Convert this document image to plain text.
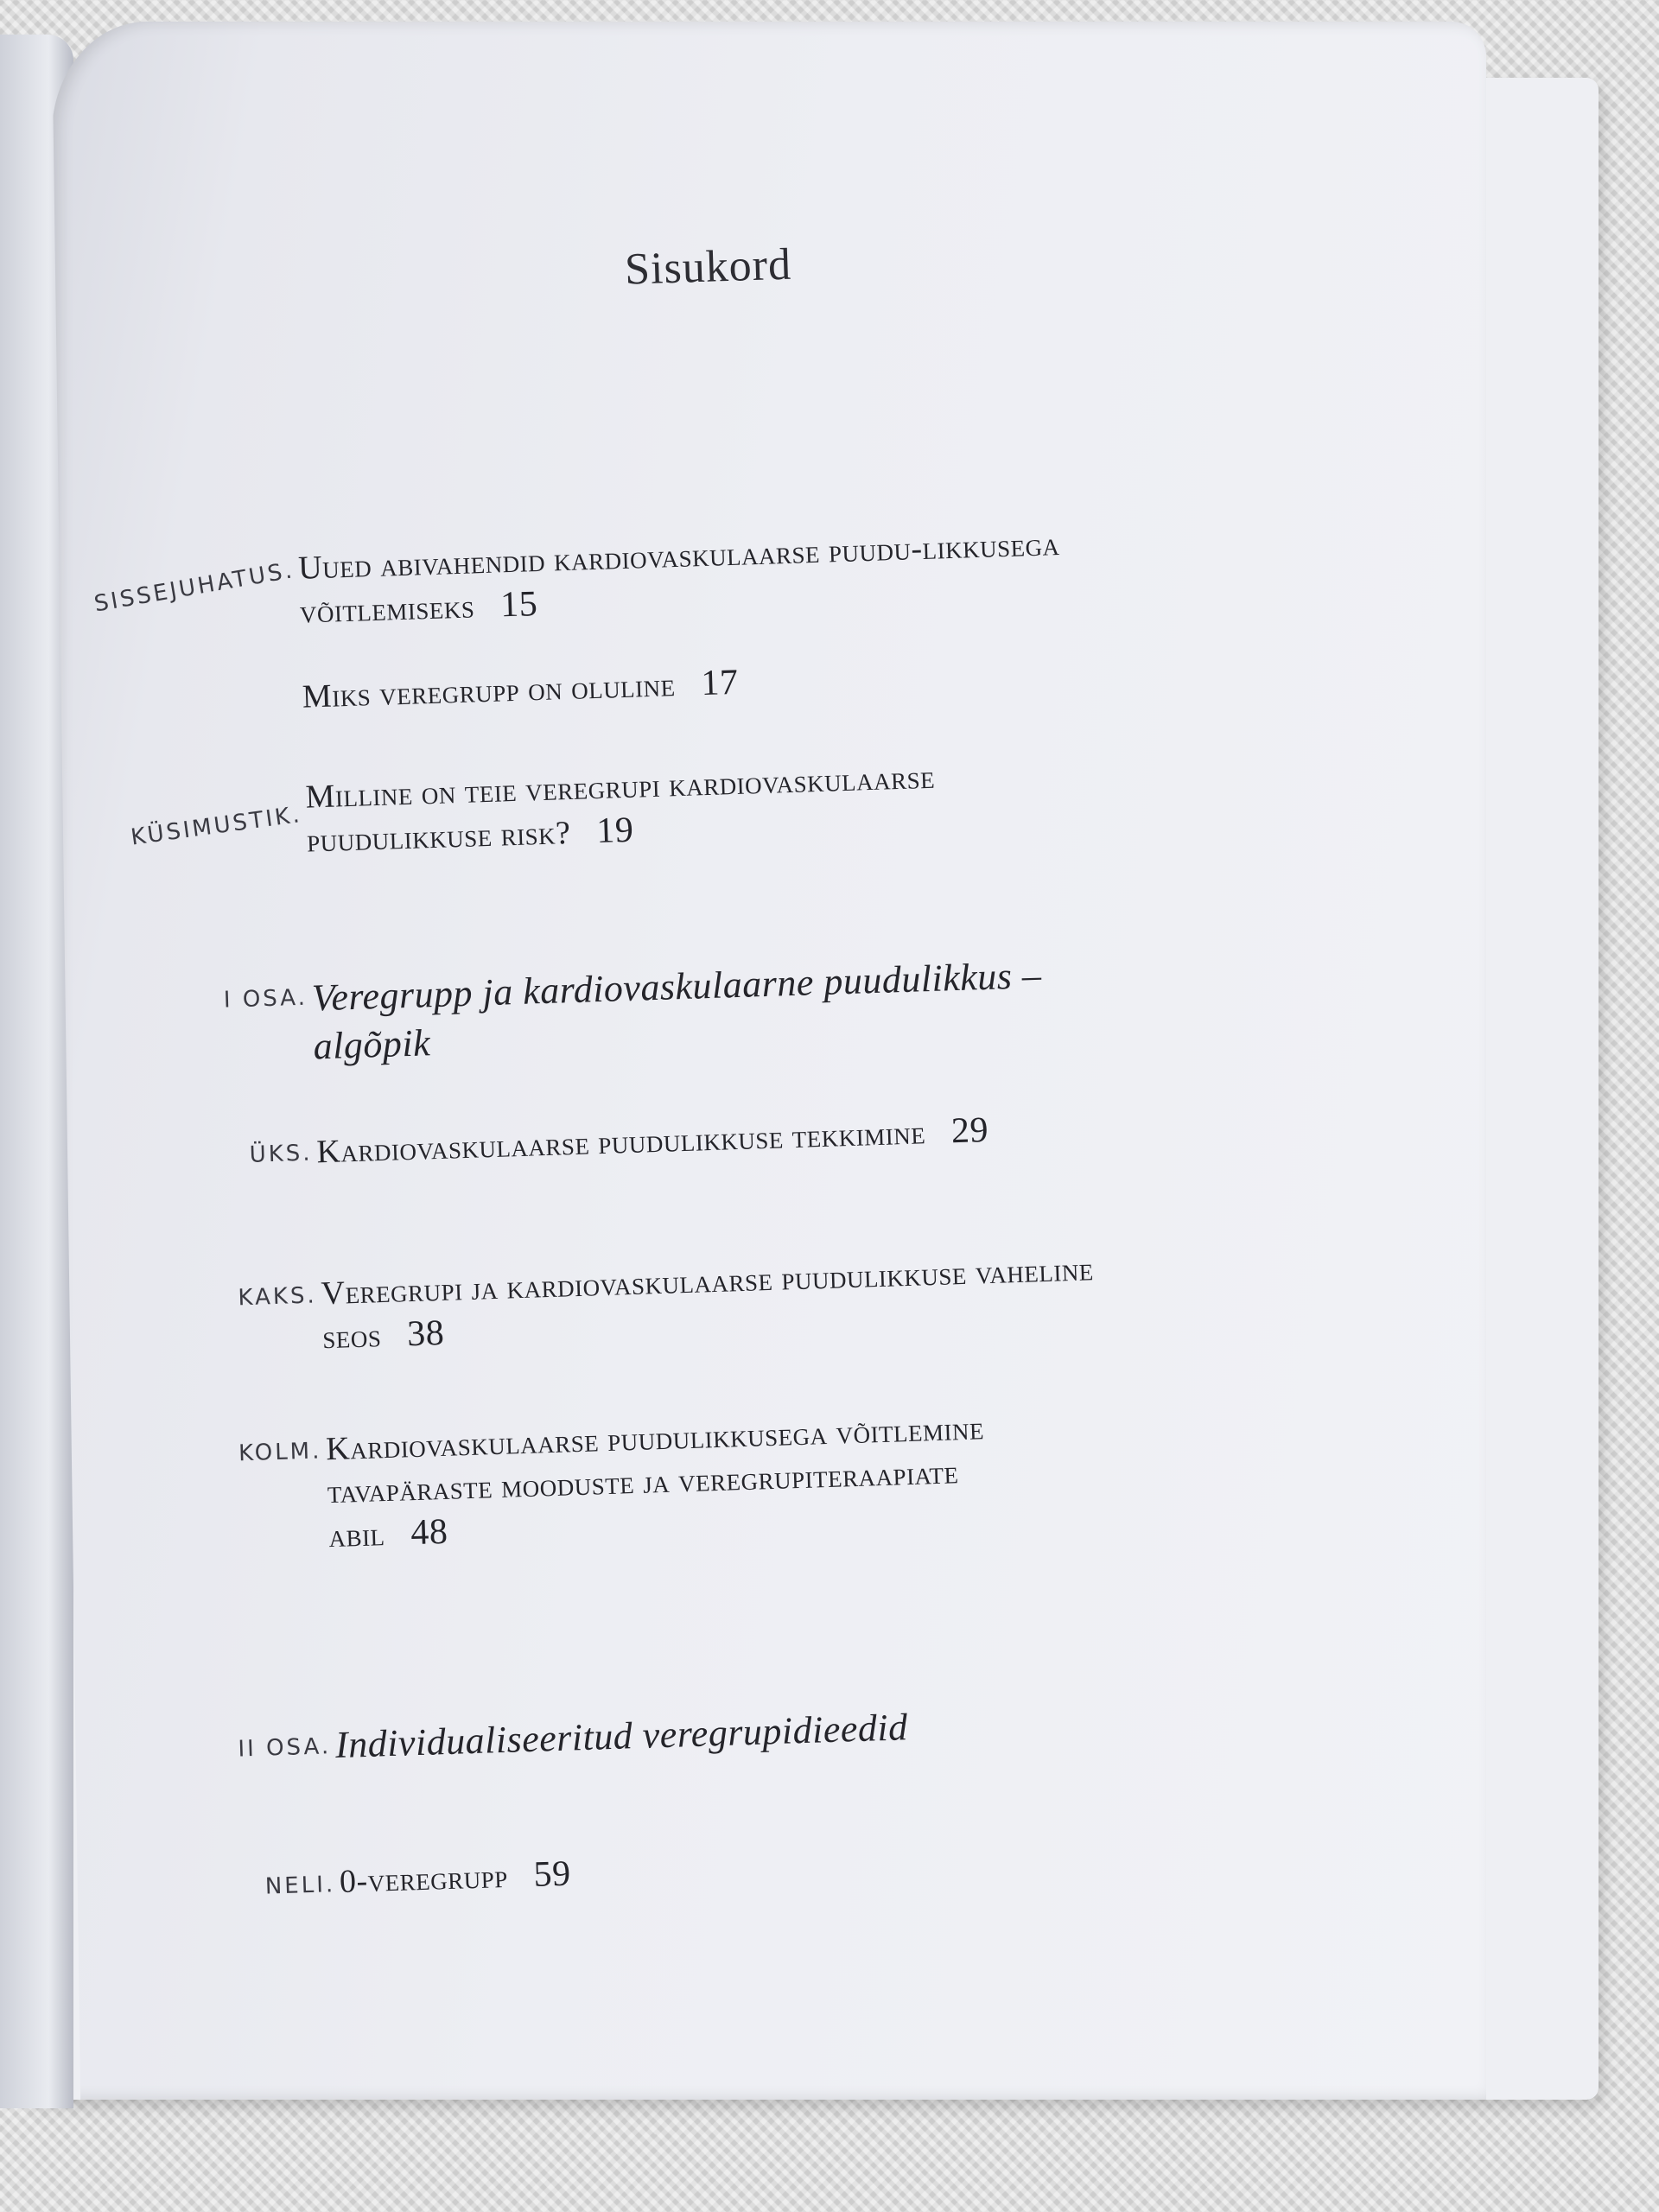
Sisukord
SISSEJUHATUS.
Uued abivahendid kardiovaskulaarse puudu-likkusega võitlemiseks 15
Miks veregrupp on oluline 17
KÜSIMUSTIK.
Milline on teie veregrupi kardiovaskulaarse puudulikkuse risk? 19
I OSA. Veregrupp ja kardiovaskulaarne puudulikkus – algõpik
ÜKS. Kardiovaskulaarse puudulikkuse tekkimine 29
KAKS. Veregrupi ja kardiovaskulaarse puudulikkuse vaheline seos 38
KOLM. Kardiovaskulaarse puudulikkusega võitlemine tavapäraste mooduste ja veregrupiteraapiate abil 48
II OSA. Individualiseeritud veregrupidieedid
NELI. 0-veregrupp 59
